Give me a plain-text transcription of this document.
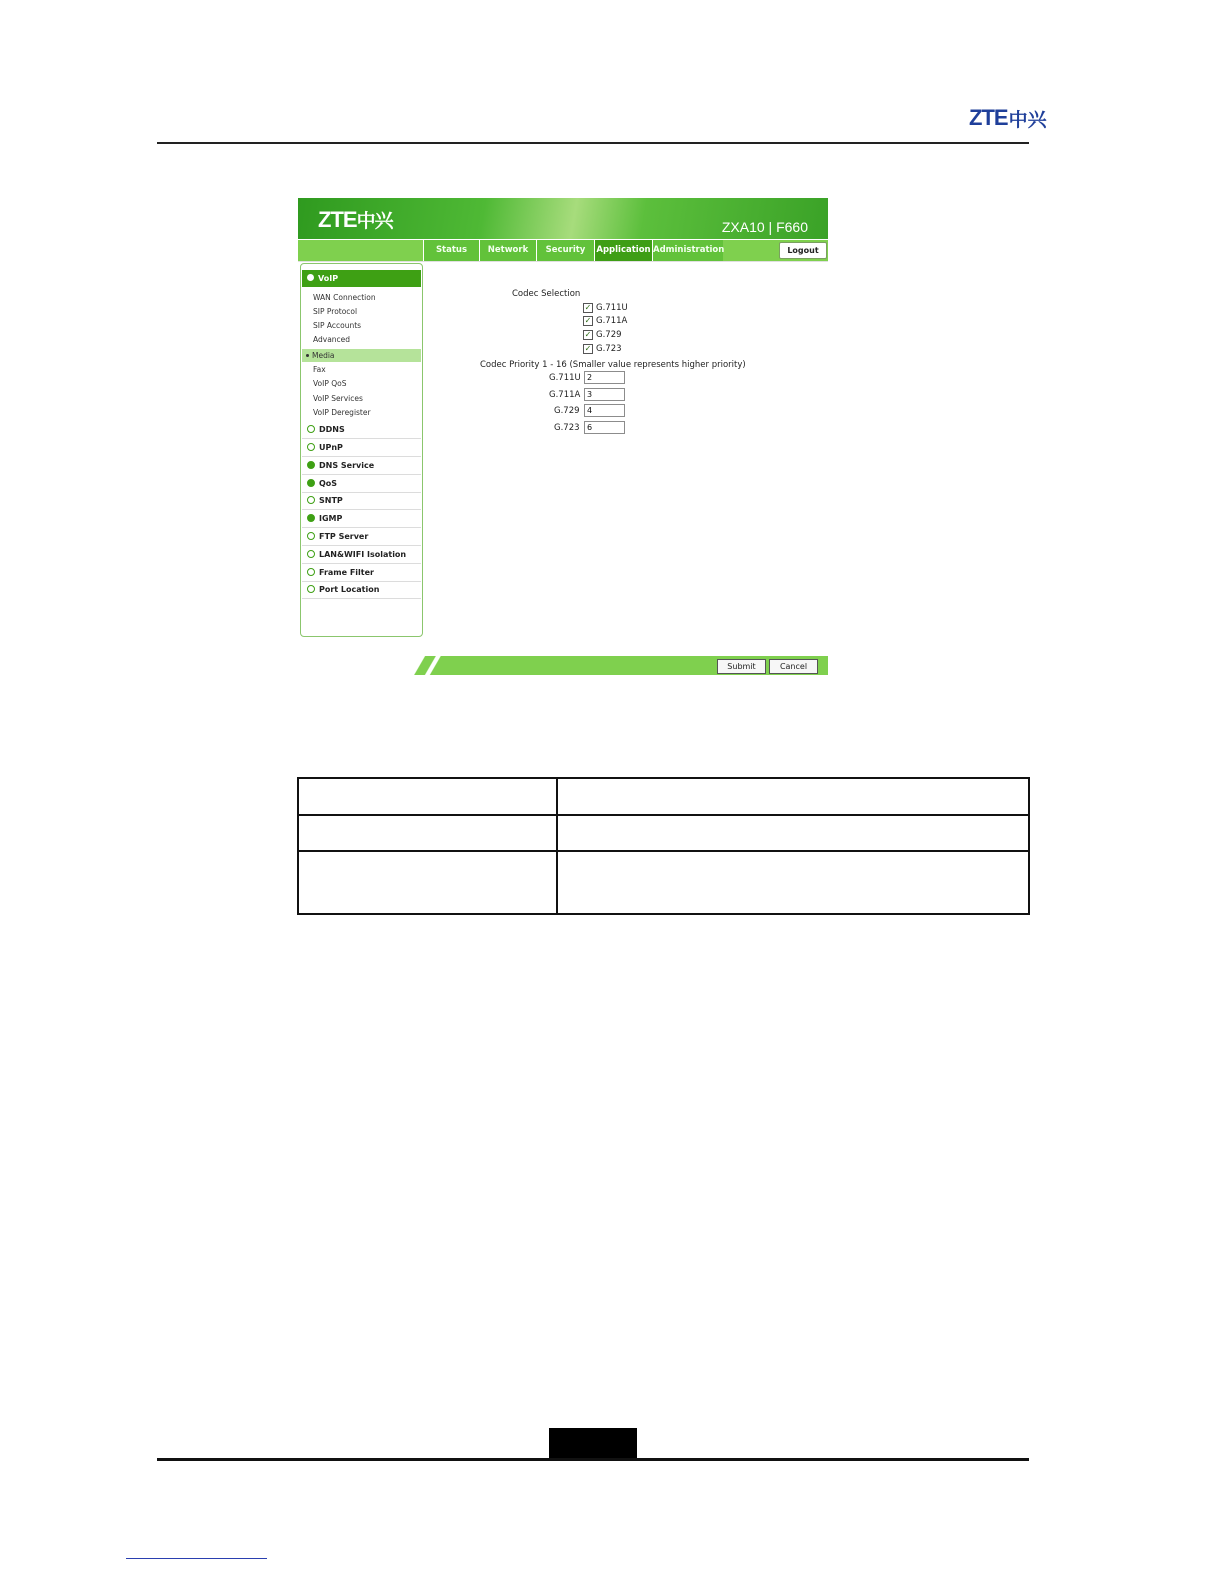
ZTE 中兴
ZTE中兴	ZXA10 | F660
Status	Network	Security	Application Administration	Logout
VoIP
WAN Connection
SIP Protocol
SIP Accounts
Advanced
Media
Fax
VoIP QoS
VoIP Services
VoIP Deregister
DDNS
UPnP
DNS Service
QoS
SNTP
IGMP
FTP Server
LAN&WIFI Isolation
Frame Filter
Port Location
Codec Selection
✓ G.711U
✓ G.711A
✓ G.729
✓ G.723
Codec Priority 1 - 16 (Smaller value represents higher priority)
G.711U 2
G.711A 3
G.729 4
G.723 6
Submit	Cancel
